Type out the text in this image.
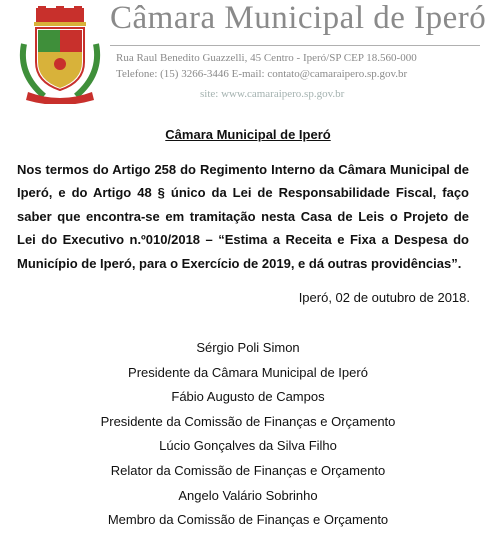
Câmara Municipal de Iperó
Rua Raul Benedito Guazzelli, 45 Centro - Iperó/SP CEP 18.560-000
Telefone: (15) 3266-3446 E-mail: contato@camaraipero.sp.gov.br
site: www.camaraipero.sp.gov.br
Câmara Municipal de Iperó
Nos termos do Artigo 258 do Regimento Interno da Câmara Municipal de Iperó, e do Artigo 48 § único da Lei de Responsabilidade Fiscal, faço saber que encontra-se em tramitação nesta Casa de Leis o Projeto de Lei do Executivo n.º010/2018 – “Estima a Receita e Fixa a Despesa do Município de Iperó, para o Exercício de 2019, e dá outras providências”.
Iperó, 02 de outubro de 2018.
Sérgio Poli Simon
Presidente da Câmara Municipal de Iperó
Fábio Augusto de Campos
Presidente da Comissão de Finanças e Orçamento
Lúcio Gonçalves da Silva Filho
Relator da Comissão de Finanças e Orçamento
Angelo Valário Sobrinho
Membro da Comissão de Finanças e Orçamento
